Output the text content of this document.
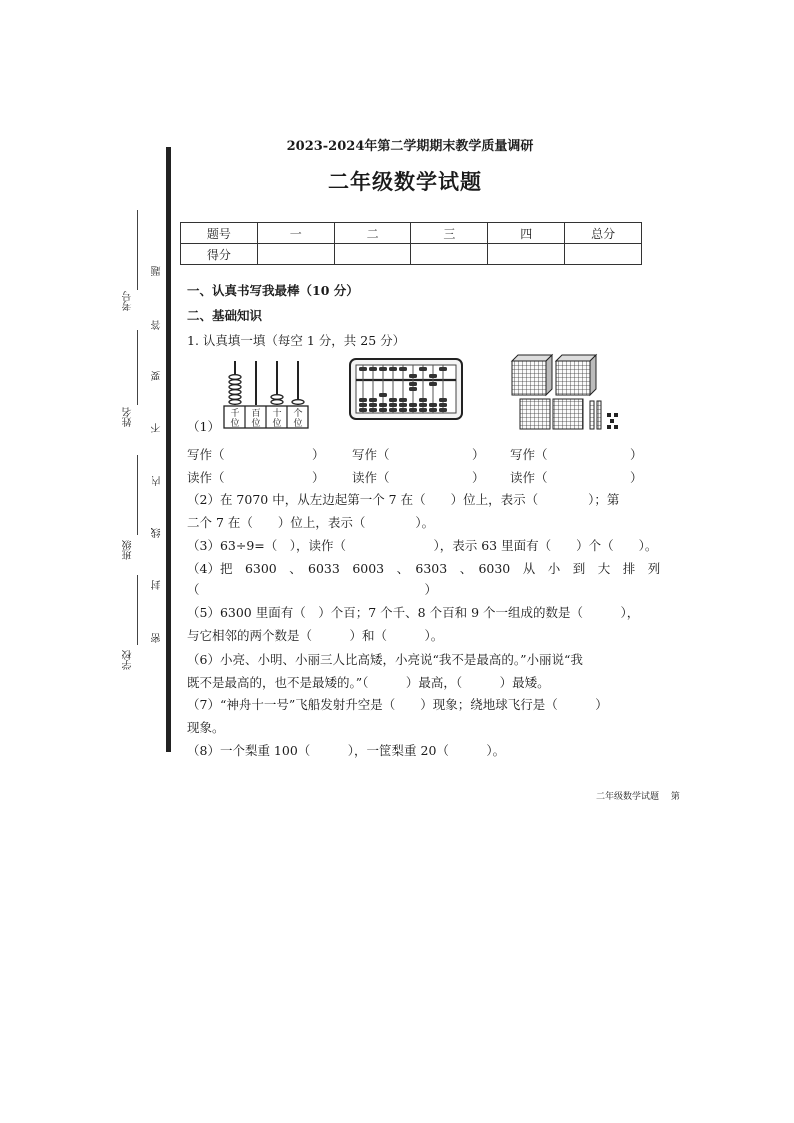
考号
姓名
班级
学校
题
答
要
不
内
线
封
密
2023-2024年第二学期期末教学质量调研
二年级数学试题
题号	一	二	三	四	总分
得分					
一、认真书写我最棒（10 分）
二、基础知识
1. 认真填一填（每空 1 分，共 25 分）
（1）
千
位
百
位
十
位
个
位
写作（	） 写作（	） 写作（	）
读作（	） 读作（	） 读作（	）
（2）在 7070 中，从左边起第一个 7 在（　　）位上，表示（　　　　）；第
二个 7 在（　　）位上，表示（　　　　）。
（3）63÷9=（　），读作（　　　　　　　），表示 63 里面有（　　）个（　　）。
（4）把　6300　、　6033　6003　、　6303　、　6030　从　小　到　大　排　列
（　　　　　　　　　　　　　　　　　　）
（5）6300 里面有（　）个百；7 个千、8 个百和 9 个一组成的数是（　　　），
与它相邻的两个数是（　　　）和（　　　）。
（6）小亮、小明、小丽三人比高矮，小亮说“我不是最高的。”小丽说“我
既不是最高的，也不是最矮的。”（　　　）最高，（　　　）最矮。
（7）“神舟十一号”飞船发射升空是（　　）现象；绕地球飞行是（　　　）
现象。
（8）一个梨重 100（　　　），一筐梨重 20（　　　）。
二年级数学试题　 第
